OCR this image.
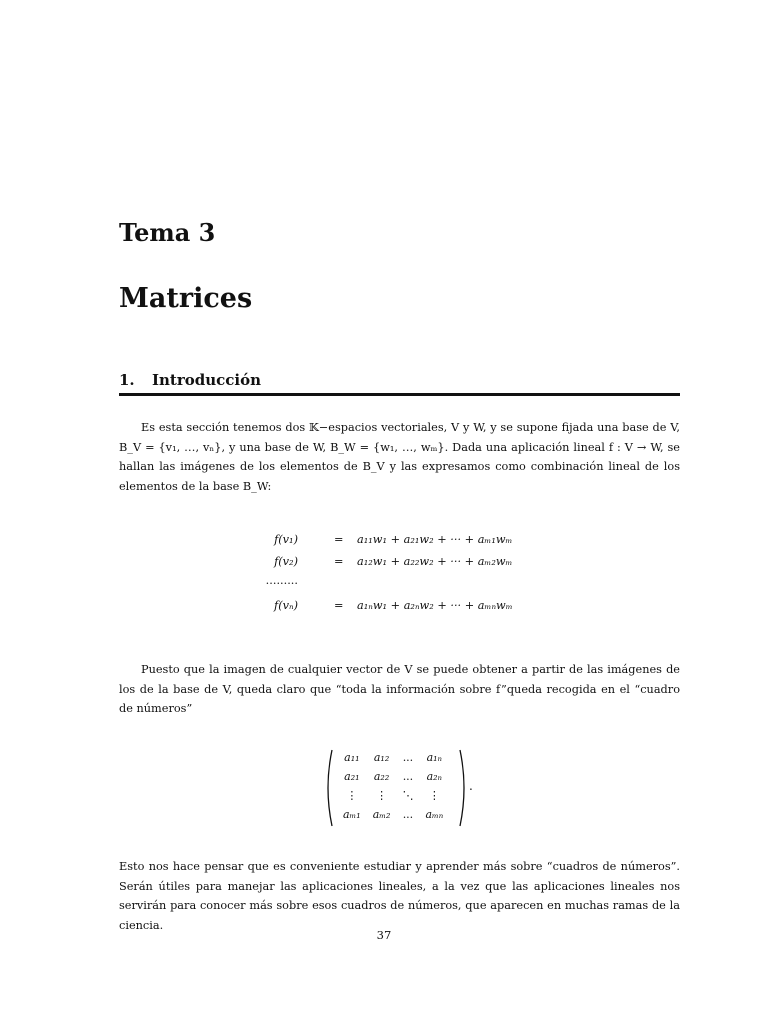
Tema 3
Matrices
1. Introducción

Es esta sección tenemos dos 𝕂−espacios vectoriales, V y W, y se supone fijada una base de V, B_V = {v₁, …, vₙ}, y una base de W, B_W = {w₁, …, wₘ}. Dada una aplicación lineal f : V → W, se hallan las imágenes de los elementos de B_V y las expresamos como combinación lineal de los elementos de la base B_W:

f(v₁)	= a₁₁w₁ + a₂₁w₂ + ··· + aₘ₁wₘ
f(v₂)	= a₁₂w₁ + a₂₂w₂ + ··· + aₘ₂wₘ
·········
f(vₙ)	= a₁ₙw₁ + a₂ₙw₂ + ··· + aₘₙwₘ

Puesto que la imagen de cualquier vector de V se puede obtener a partir de las imágenes de los de la base de V, queda claro que “toda la información sobre f”queda recogida en el “cuadro de números”

a₁₁	a₁₂	...	a₁ₙ
a₂₁	a₂₂	...	a₂ₙ
⋮	⋮	⋱	⋮
aₘ₁	aₘ₂	...	aₘₙ
.

Esto nos hace pensar que es conveniente estudiar y aprender más sobre “cuadros de números”. Serán útiles para manejar las aplicaciones lineales, a la vez que las aplicaciones lineales nos servirán para conocer más sobre esos cuadros de números, que aparecen en muchas ramas de la ciencia.

37
